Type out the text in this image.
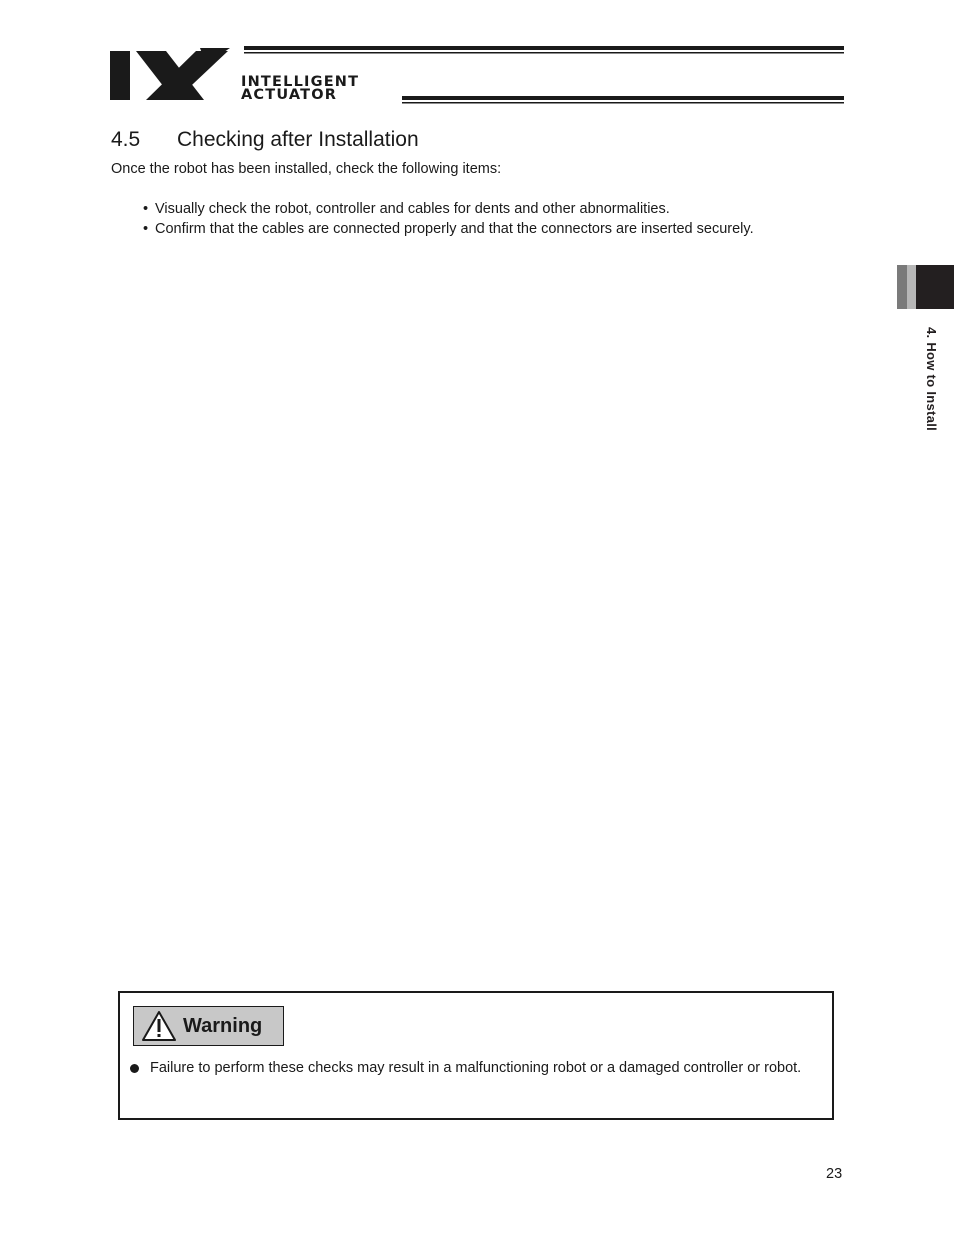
INTELLIGENT
ACTUATOR
4.5 Checking after Installation
Once the robot has been installed, check the following items:
• Visually check the robot, controller and cables for dents and other abnormalities.
• Confirm that the cables are connected properly and that the connectors are inserted securely.
4. How to Install
Warning
Failure to perform these checks may result in a malfunctioning robot or a damaged controller or robot.
23
